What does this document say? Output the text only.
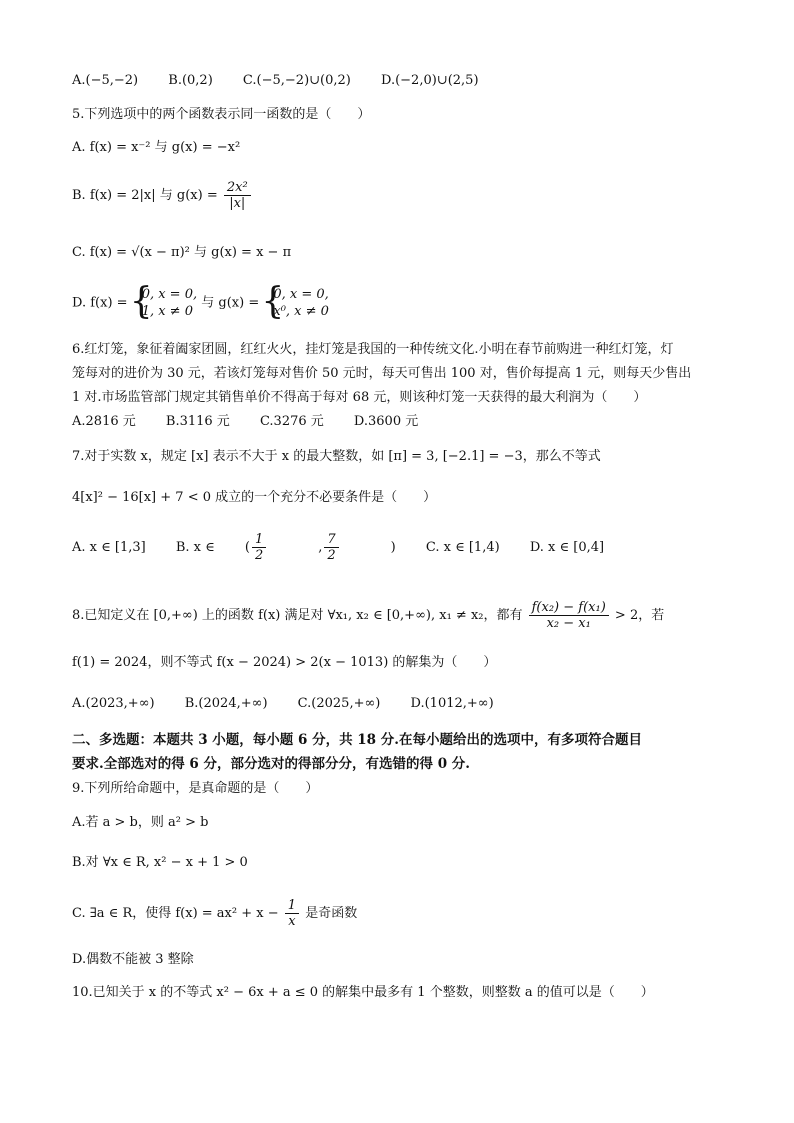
A.(−5,−2) B.(0,2) C.(−5,−2)∪(0,2) D.(−2,0)∪(2,5)
5.下列选项中的两个函数表示同一函数的是（　　）
A. f(x) = x⁻² 与 g(x) = −x²
B. f(x) = 2|x| 与 $g(x) = \frac{\text{2x²}}{|x|}$
C. f(x) = √(x − π)² 与 g(x) = x − π
D. f(x) =
{ 0, x = 0,
1, x ≠ 0
与 g(x) =
{ 0, x = 0,
x⁰, x ≠ 0
6.红灯笼，象征着阖家团圆，红红火火，挂灯笼是我国的一种传统文化.小明在春节前购进一种红灯笼，灯
笼每对的进价为 30 元，若该灯笼每对售价 50 元时，每天可售出 100 对，售价每提高 1 元，则每天少售出
1 对.市场监管部门规定其销售单价不得高于每对 68 元，则该种灯笼一天获得的最大利润为（　　）
A.2816 元 B.3116 元 C.3276 元 D.3600 元
7.对于实数 x，规定 [x] 表示不大于 x 的最大整数，如 [π] = 3, [−2.1] = −3，那么不等式
4[x]² − 16[x] + 7 < 0 成立的一个充分不必要条件是（　　）
A. x ∈ [1,3] B. x ∈ ( $\frac{1}{2}$ , $\frac{7}{2}$ ) C. x ∈ [1,4) D. x ∈ [0,4]
8.已知定义在 [0,+∞) 上的函数 f(x) 满足对 ∀x₁, x₂ ∈ [0,+∞), x₁ ≠ x₂，都有 $\frac{\text{f(x₂) − f(x₁)}}{\text{x₂ − x₁}} > 2$，若
f(1) = 2024，则不等式 f(x − 2024) > 2(x − 1013) 的解集为（　　）
A.(2023,+∞) B.(2024,+∞) C.(2025,+∞) D.(1012,+∞)
二、多选题：本题共 3 小题，每小题 6 分，共 18 分.在每小题给出的选项中，有多项符合题目
要求.全部选对的得 6 分，部分选对的得部分分，有选错的得 0 分.
9.下列所给命题中，是真命题的是（　　）
A.若 a > b，则 a² > b
B.对 ∀x ∈ R, x² − x + 1 > 0
C. ∃a ∈ R，使得 $f(x) = ax^2 + x - \frac{1}{x}$ 是奇函数
D.偶数不能被 3 整除
10.已知关于 x 的不等式 x² − 6x + a ≤ 0 的解集中最多有 1 个整数，则整数 a 的值可以是（　　）
